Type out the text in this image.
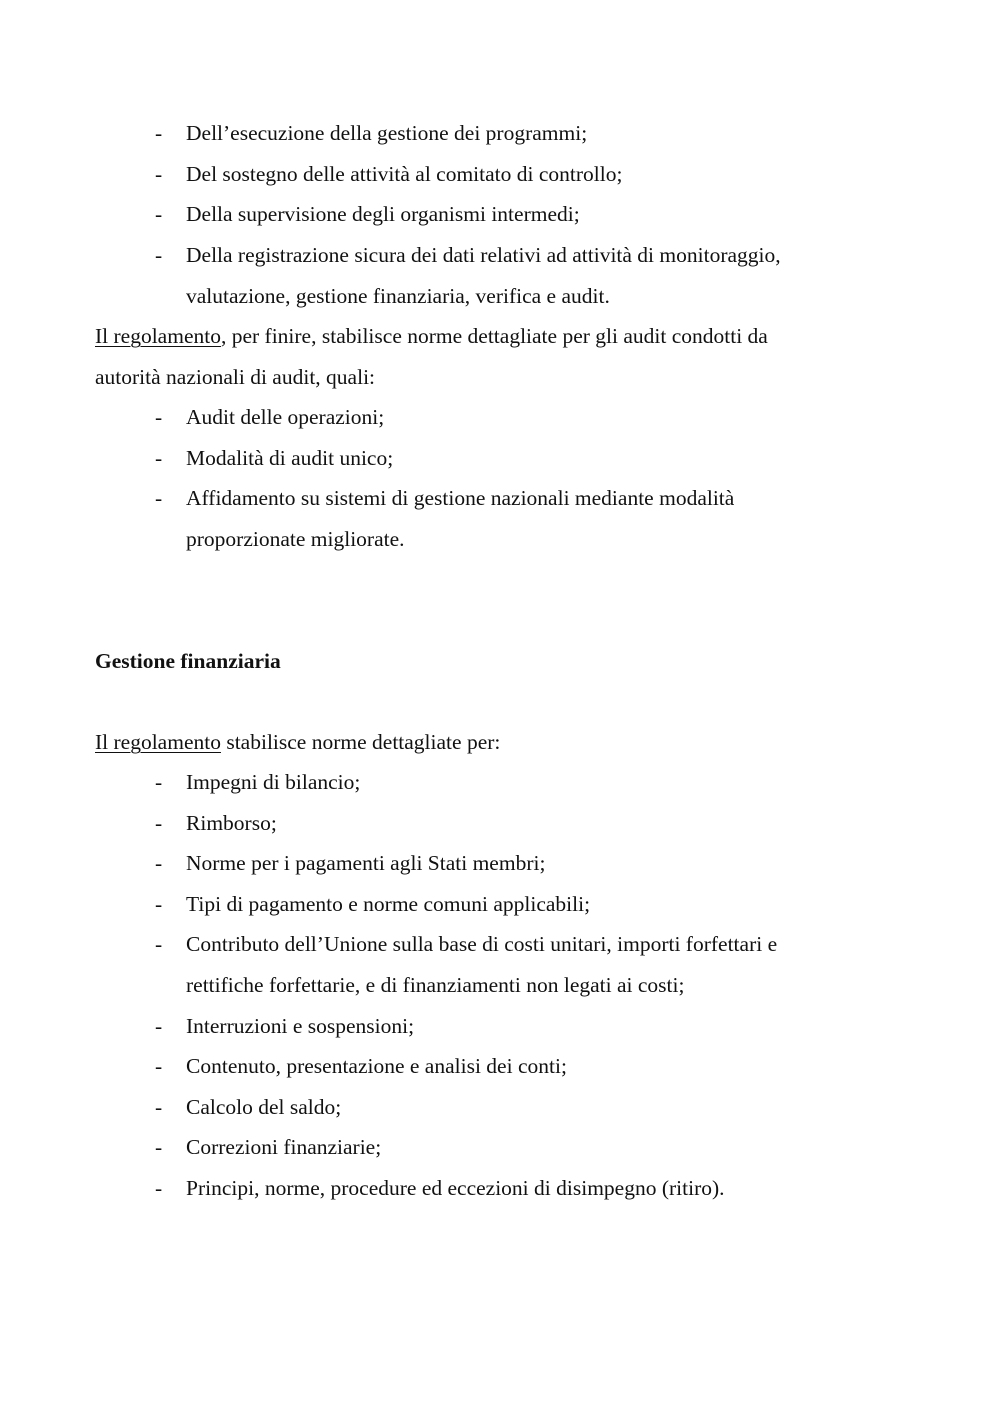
- Dell’esecuzione della gestione dei programmi;
- Del sostegno delle attività al comitato di controllo;
- Della supervisione degli organismi intermedi;
- Della registrazione sicura dei dati relativi ad attività di monitoraggio,
valutazione, gestione finanziaria, verifica e audit.
Il regolamento, per finire, stabilisce norme dettagliate per gli audit condotti da
autorità nazionali di audit, quali:
- Audit delle operazioni;
- Modalità di audit unico;
- Affidamento su sistemi di gestione nazionali mediante modalità
proporzionate migliorate.
Gestione finanziaria
Il regolamento stabilisce norme dettagliate per:
- Impegni di bilancio;
- Rimborso;
- Norme per i pagamenti agli Stati membri;
- Tipi di pagamento e norme comuni applicabili;
- Contributo dell’Unione sulla base di costi unitari, importi forfettari e
rettifiche forfettarie, e di finanziamenti non legati ai costi;
- Interruzioni e sospensioni;
- Contenuto, presentazione e analisi dei conti;
- Calcolo del saldo;
- Correzioni finanziarie;
- Principi, norme, procedure ed eccezioni di disimpegno (ritiro).
